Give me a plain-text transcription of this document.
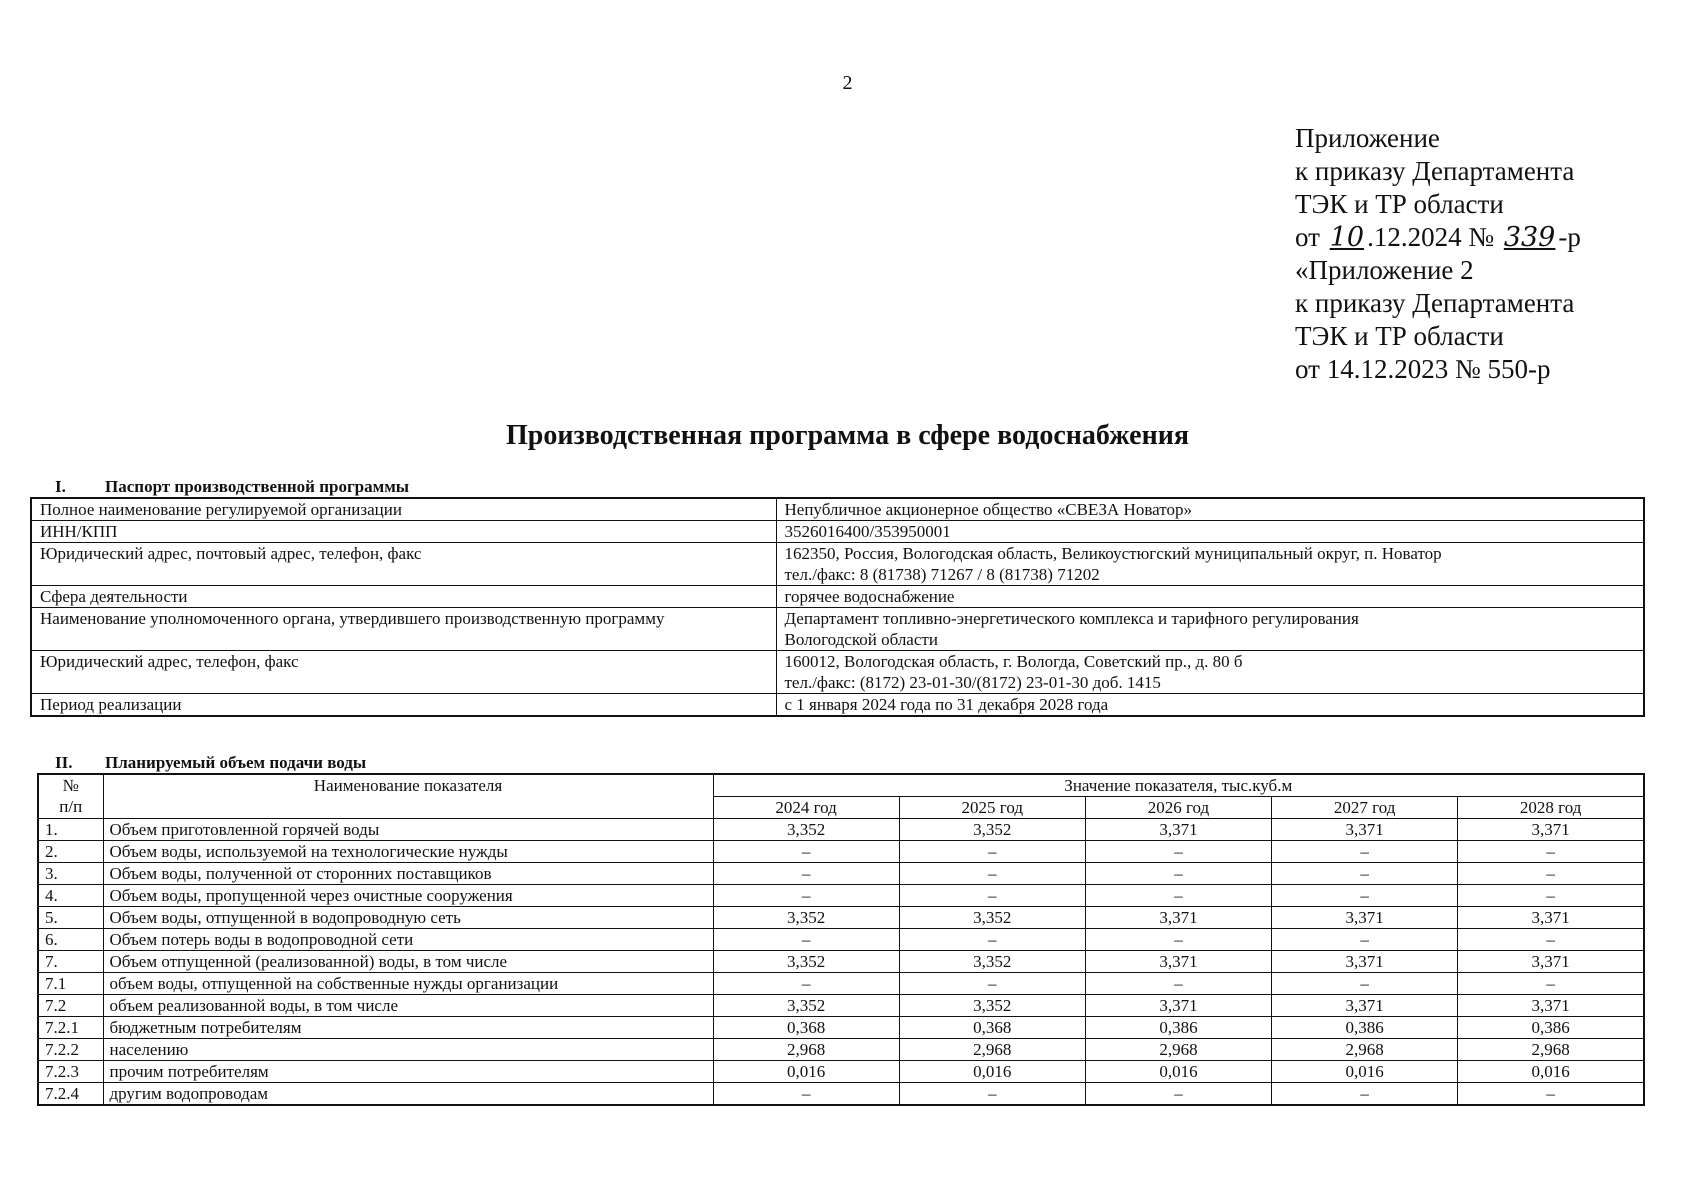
2
Приложение
к приказу Департамента
ТЭК и ТР области
от 10 .12.2024 № 339 -р
«Приложение 2
к приказу Департамента
ТЭК и ТР области
от 14.12.2023 № 550-р
Производственная программа в сфере водоснабжения
I. Паспорт производственной программы
Полное наименование регулируемой организации	Непубличное акционерное общество «СВЕЗА Новатор»

ИНН/КПП	3526016400/353950001

Юридический адрес, почтовый адрес, телефон, факс	162350, Россия, Вологодская область, Великоустюгский муниципальный округ, п. Новатор
тел./факс: 8 (81738) 71267 / 8 (81738) 71202

Сфера деятельности	горячее водоснабжение

Наименование уполномоченного органа, утвердившего производственную программу	Департамент топливно-энергетического комплекса и тарифного регулирования
Вологодской области

Юридический адрес, телефон, факс	160012, Вологодская область, г. Вологда, Советский пр., д. 80 б
тел./факс: (8172) 23-01-30/(8172) 23-01-30 доб. 1415

Период реализации	с 1 января 2024 года по 31 декабря 2028 года
II. Планируемый объем подачи воды
№
п/п	Наименование показателя	Значение показателя, тыс.куб.м				
		2024 год	2025 год	2026 год	2027 год	2028 год
1.	Объем приготовленной горячей воды	3,352	3,352	3,371	3,371	3,371
2.	Объем воды, используемой на технологические нужды	–	–	–	–	–
3.	Объем воды, полученной от сторонних поставщиков	–	–	–	–	–
4.	Объем воды, пропущенной через очистные сооружения	–	–	–	–	–
5.	Объем воды, отпущенной в водопроводную сеть	3,352	3,352	3,371	3,371	3,371
6.	Объем потерь воды в водопроводной сети	–	–	–	–	–
7.	Объем отпущенной (реализованной) воды, в том числе	3,352	3,352	3,371	3,371	3,371
7.1	объем воды, отпущенной на собственные нужды организации	–	–	–	–	–
7.2	объем реализованной воды, в том числе	3,352	3,352	3,371	3,371	3,371
7.2.1	бюджетным потребителям	0,368	0,368	0,386	0,386	0,386
7.2.2	населению	2,968	2,968	2,968	2,968	2,968
7.2.3	прочим потребителям	0,016	0,016	0,016	0,016	0,016
7.2.4	другим водопроводам	–	–	–	–	–
